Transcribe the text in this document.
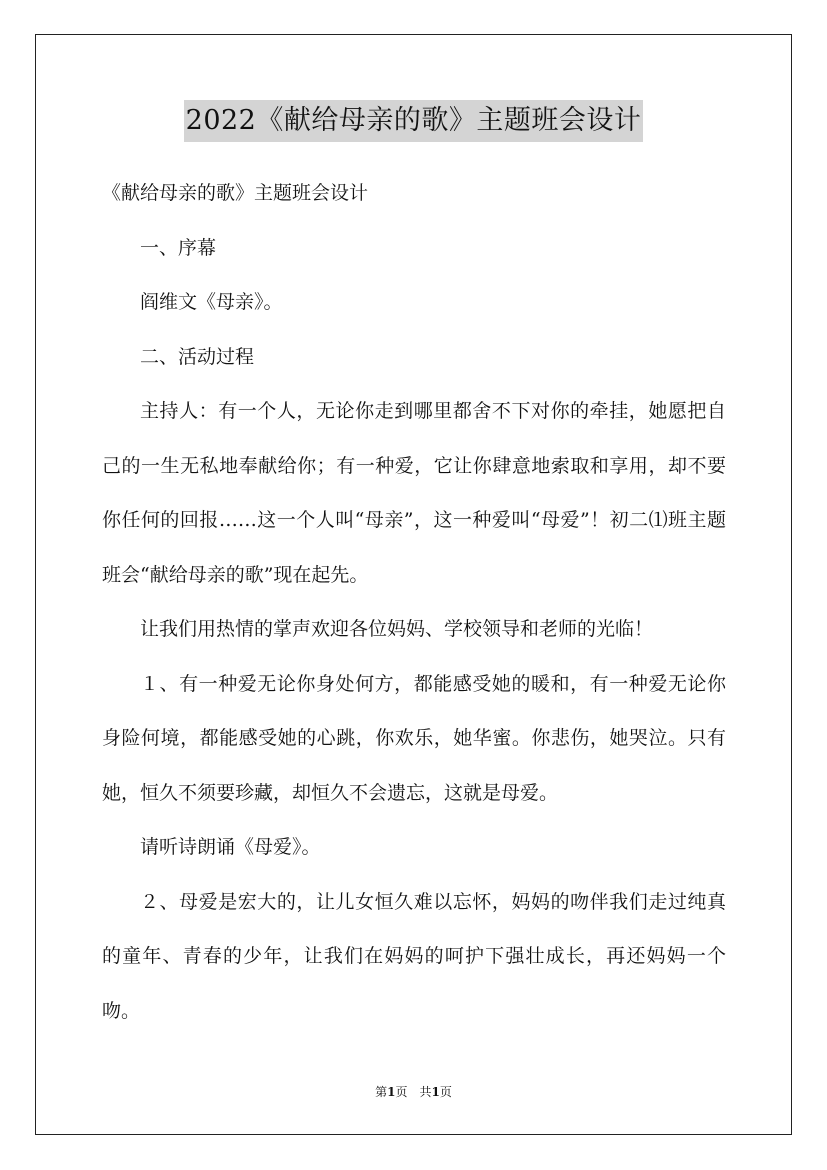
2022《献给母亲的歌》主题班会设计

《献给母亲的歌》主题班会设计

一、序幕

阎维文《母亲》。

二、活动过程

主持人：有一个人，无论你走到哪里都舍不下对你的牵挂，她愿把自己的一生无私地奉献给你；有一种爱，它让你肆意地索取和享用，却不要你任何的回报……这一个人叫“母亲”，这一种爱叫“母爱”！初二⑴班主题班会“献给母亲的歌”现在起先。

让我们用热情的掌声欢迎各位妈妈、学校领导和老师的光临！

１、有一种爱无论你身处何方，都能感受她的暖和，有一种爱无论你身险何境，都能感受她的心跳，你欢乐，她华蜜。你悲伤，她哭泣。只有她，恒久不须要珍藏，却恒久不会遗忘，这就是母爱。

请听诗朗诵《母爱》。

２、母爱是宏大的，让儿女恒久难以忘怀，妈妈的吻伴我们走过纯真的童年、青春的少年，让我们在妈妈的呵护下强壮成长，再还妈妈一个吻。

第1页 共1页
